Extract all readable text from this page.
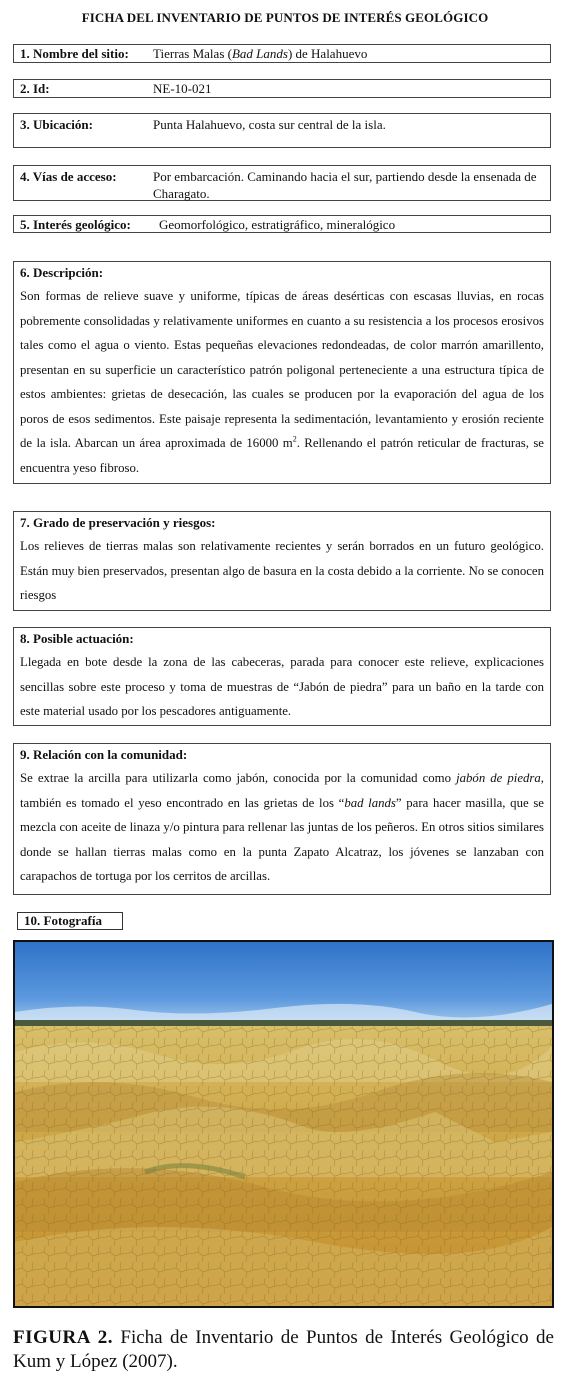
FICHA DEL INVENTARIO DE PUNTOS DE INTERÉS GEOLÓGICO
1. Nombre del sitio:	Tierras Malas (Bad Lands) de Halahuevo
2. Id:	NE-10-021
3. Ubicación:	Punta Halahuevo, costa sur central de la isla.
4. Vías de acceso:	Por embarcación. Caminando hacia el sur, partiendo desde la ensenada de Charagato.
5. Interés geológico:	Geomorfológico, estratigráfico, mineralógico
6. Descripción:
Son formas de relieve suave y uniforme, típicas de áreas desérticas con escasas lluvias, en rocas pobremente consolidadas y relativamente uniformes en cuanto a su resistencia a los procesos erosivos tales como el agua o viento. Estas pequeñas elevaciones redondeadas, de color marrón amarillento, presentan en su superficie un característico patrón poligonal perteneciente a una estructura típica de estos ambientes: grietas de desecación, las cuales se producen por la evaporación del agua de los poros de esos sedimentos. Este paisaje representa la sedimentación, levantamiento y erosión reciente de la isla. Abarcan un área aproximada de 16000 $m^2$. Rellenando el patrón reticular de fracturas, se encuentra yeso fibroso.
7. Grado de preservación y riesgos:
Los relieves de tierras malas son relativamente recientes y serán borrados en un futuro geológico. Están muy bien preservados, presentan algo de basura en la costa debido a la corriente. No se conocen riesgos
8. Posible actuación:
Llegada en bote desde la zona de las cabeceras, parada para conocer este relieve, explicaciones sencillas sobre este proceso y toma de muestras de “Jabón de piedra” para un baño en la tarde con este material usado por los pescadores antiguamente.
9. Relación con la comunidad:
Se extrae la arcilla para utilizarla como jabón, conocida por la comunidad como jabón de piedra, también es tomado el yeso encontrado en las grietas de los “bad lands” para hacer masilla, que se mezcla con aceite de linaza y/o pintura para rellenar las juntas de los peñeros. En otros sitios similares donde se hallan tierras malas como en la punta Zapato Alcatraz, los jóvenes se lanzaban con carapachos de tortuga por los cerritos de arcillas.
10. Fotografía
FIGURA 2. Ficha de Inventario de Puntos de Interés Geológico de Kum y López (2007).
